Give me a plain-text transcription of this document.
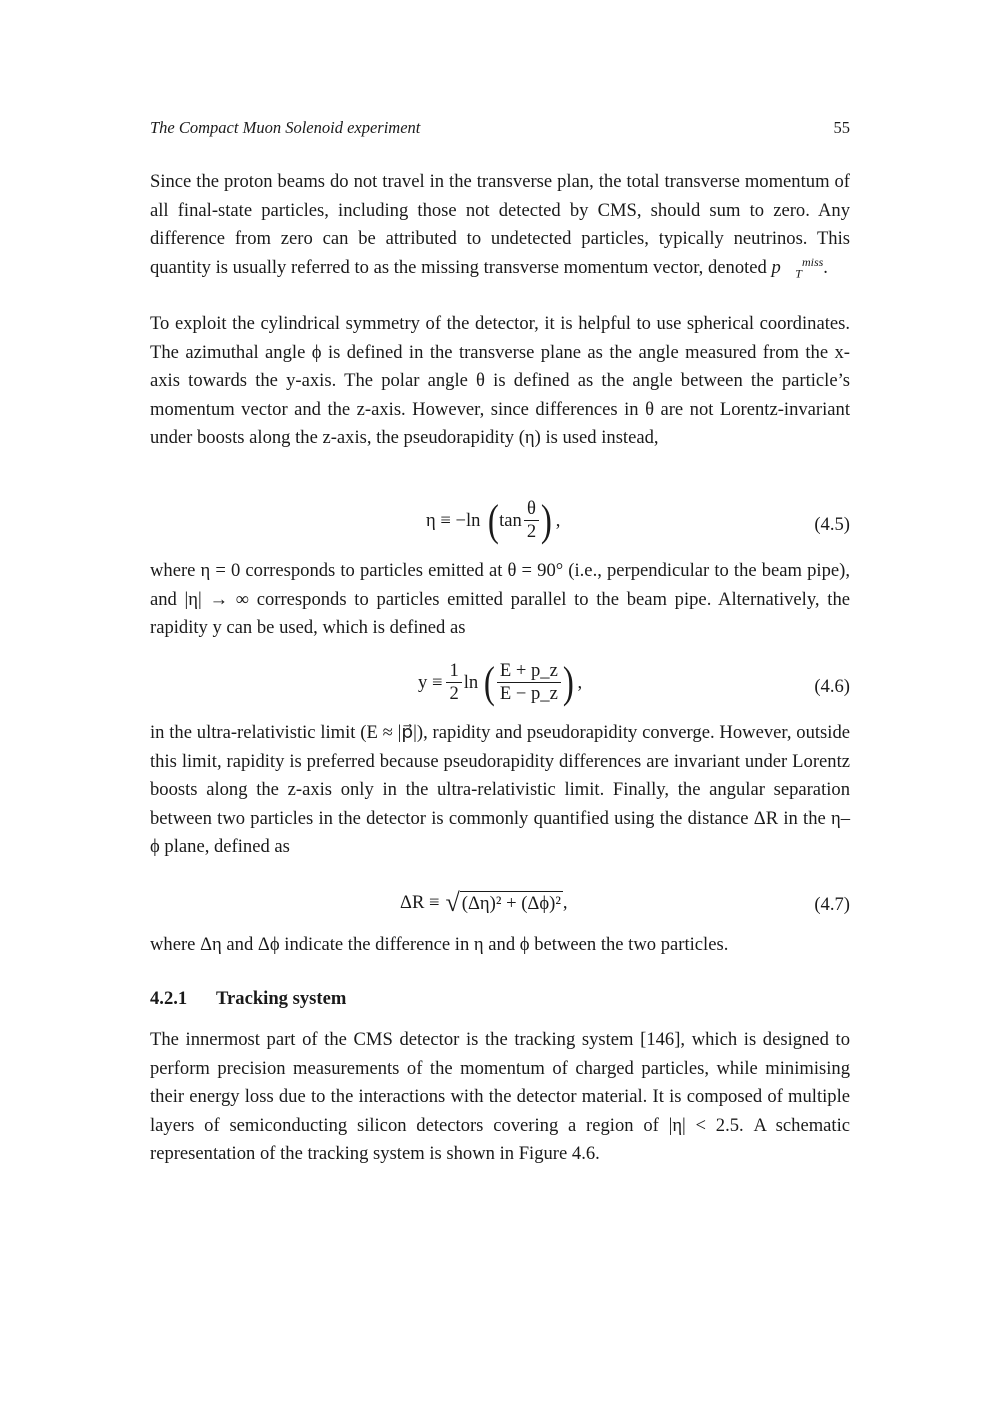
The Compact Muon Solenoid experiment	55

Since the proton beams do not travel in the transverse plan, the total transverse momentum of all final-state particles, including those not detected by CMS, should sum to zero. Any difference from zero can be attributed to undetected particles, typically neutrinos. This quantity is usually referred to as the missing transverse momentum vector, denoted $p⃗_T^{miss}$.

To exploit the cylindrical symmetry of the detector, it is helpful to use spherical coordinates. The azimuthal angle ϕ is defined in the transverse plane as the angle measured from the x-axis towards the y-axis. The polar angle θ is defined as the angle between the particle’s momentum vector and the z-axis. However, since differences in θ are not Lorentz-invariant under boosts along the z-axis, the pseudorapidity (η) is used instead,

η ≡ −ln ( $\tan \frac{\theta}{2}$ ) ,	(4.5)

where η = 0 corresponds to particles emitted at θ = 90° (i.e., perpendicular to the beam pipe), and |η| → ∞ corresponds to particles emitted parallel to the beam pipe. Alternatively, the rapidity y can be used, which is defined as

$y \equiv \frac{1}{2}$ ln ( $\frac{E + p\_z}{E - p\_z}$ ) ,	(4.6)

in the ultra-relativistic limit (E ≈ |p⃗|), rapidity and pseudorapidity converge. However, outside this limit, rapidity is preferred because pseudorapidity differences are invariant under Lorentz boosts along the z-axis only in the ultra-relativistic limit. Finally, the angular separation between two particles in the detector is commonly quantified using the distance ΔR in the η–ϕ plane, defined as

ΔR ≡ √ (Δη)² + (Δϕ)² ,	(4.7)

where Δη and Δϕ indicate the difference in η and ϕ between the two particles.

4.2.1 Tracking system

The innermost part of the CMS detector is the tracking system [146], which is designed to perform precision measurements of the momentum of charged particles, while minimising their energy loss due to the interactions with the detector material. It is composed of multiple layers of semiconducting silicon detectors covering a region of |η| < 2.5. A schematic representation of the tracking system is shown in Figure 4.6.
